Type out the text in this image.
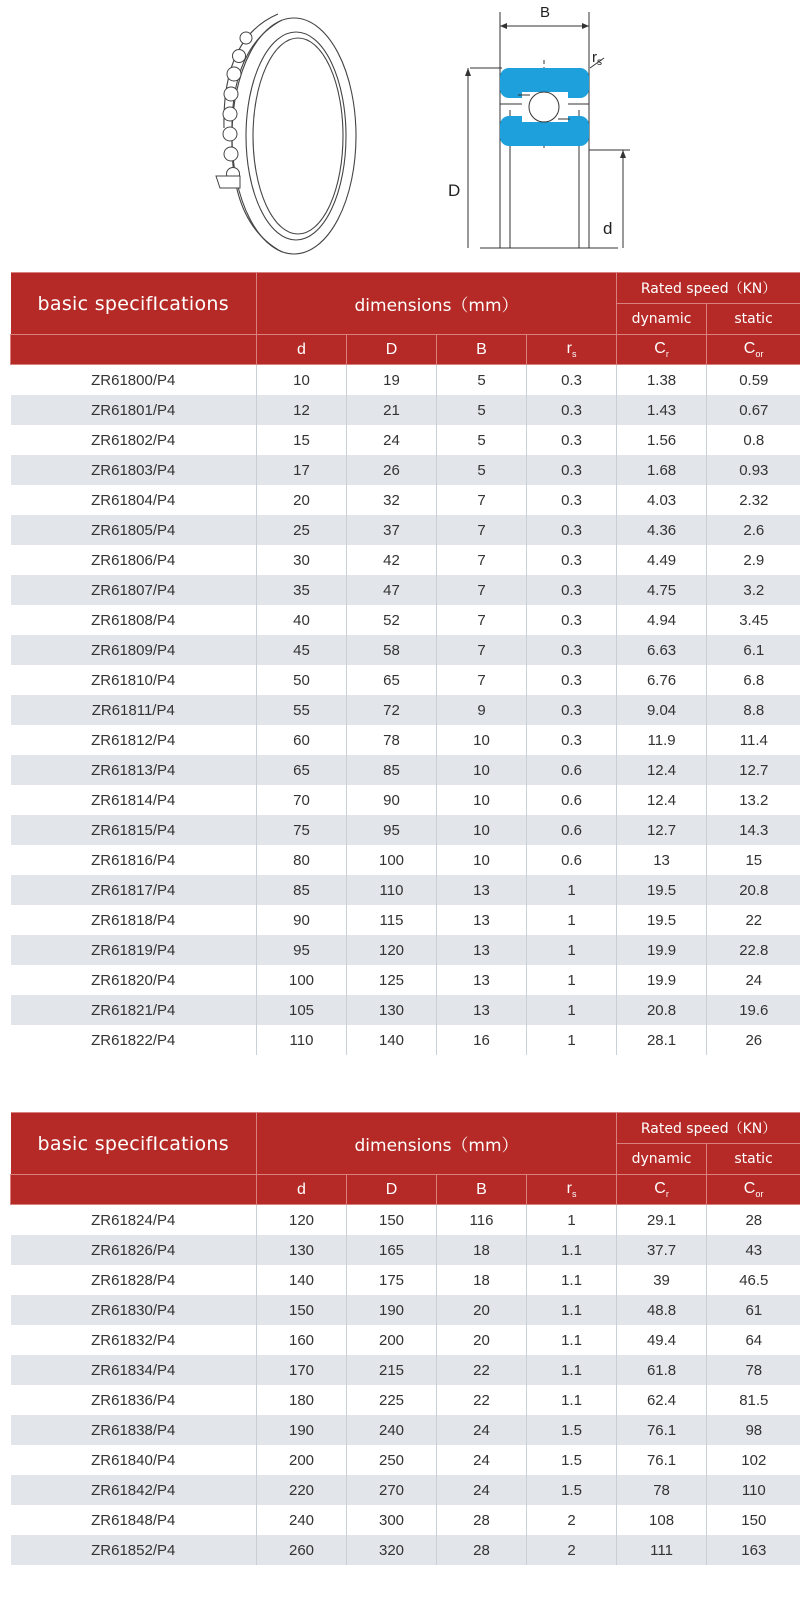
B
$r_s$
D
d
basic specifIcations	dimensions（mm）				Rated speed（KN）	
					dynamic	static
	d	D	B	$r_s$	$C_r$	$C_{or}$
ZR61800/P4	10	19	5	0.3	1.38	0.59
ZR61801/P4	12	21	5	0.3	1.43	0.67
ZR61802/P4	15	24	5	0.3	1.56	0.8
ZR61803/P4	17	26	5	0.3	1.68	0.93
ZR61804/P4	20	32	7	0.3	4.03	2.32
ZR61805/P4	25	37	7	0.3	4.36	2.6
ZR61806/P4	30	42	7	0.3	4.49	2.9
ZR61807/P4	35	47	7	0.3	4.75	3.2
ZR61808/P4	40	52	7	0.3	4.94	3.45
ZR61809/P4	45	58	7	0.3	6.63	6.1
ZR61810/P4	50	65	7	0.3	6.76	6.8
ZR61811/P4	55	72	9	0.3	9.04	8.8
ZR61812/P4	60	78	10	0.3	11.9	11.4
ZR61813/P4	65	85	10	0.6	12.4	12.7
ZR61814/P4	70	90	10	0.6	12.4	13.2
ZR61815/P4	75	95	10	0.6	12.7	14.3
ZR61816/P4	80	100	10	0.6	13	15
ZR61817/P4	85	110	13	1	19.5	20.8
ZR61818/P4	90	115	13	1	19.5	22
ZR61819/P4	95	120	13	1	19.9	22.8
ZR61820/P4	100	125	13	1	19.9	24
ZR61821/P4	105	130	13	1	20.8	19.6
ZR61822/P4	110	140	16	1	28.1	26
basic specifIcations	dimensions（mm）				Rated speed（KN）	
					dynamic	static
	d	D	B	$r_s$	$C_r$	$C_{or}$
ZR61824/P4	120	150	116	1	29.1	28
ZR61826/P4	130	165	18	1.1	37.7	43
ZR61828/P4	140	175	18	1.1	39	46.5
ZR61830/P4	150	190	20	1.1	48.8	61
ZR61832/P4	160	200	20	1.1	49.4	64
ZR61834/P4	170	215	22	1.1	61.8	78
ZR61836/P4	180	225	22	1.1	62.4	81.5
ZR61838/P4	190	240	24	1.5	76.1	98
ZR61840/P4	200	250	24	1.5	76.1	102
ZR61842/P4	220	270	24	1.5	78	110
ZR61848/P4	240	300	28	2	108	150
ZR61852/P4	260	320	28	2	111	163
